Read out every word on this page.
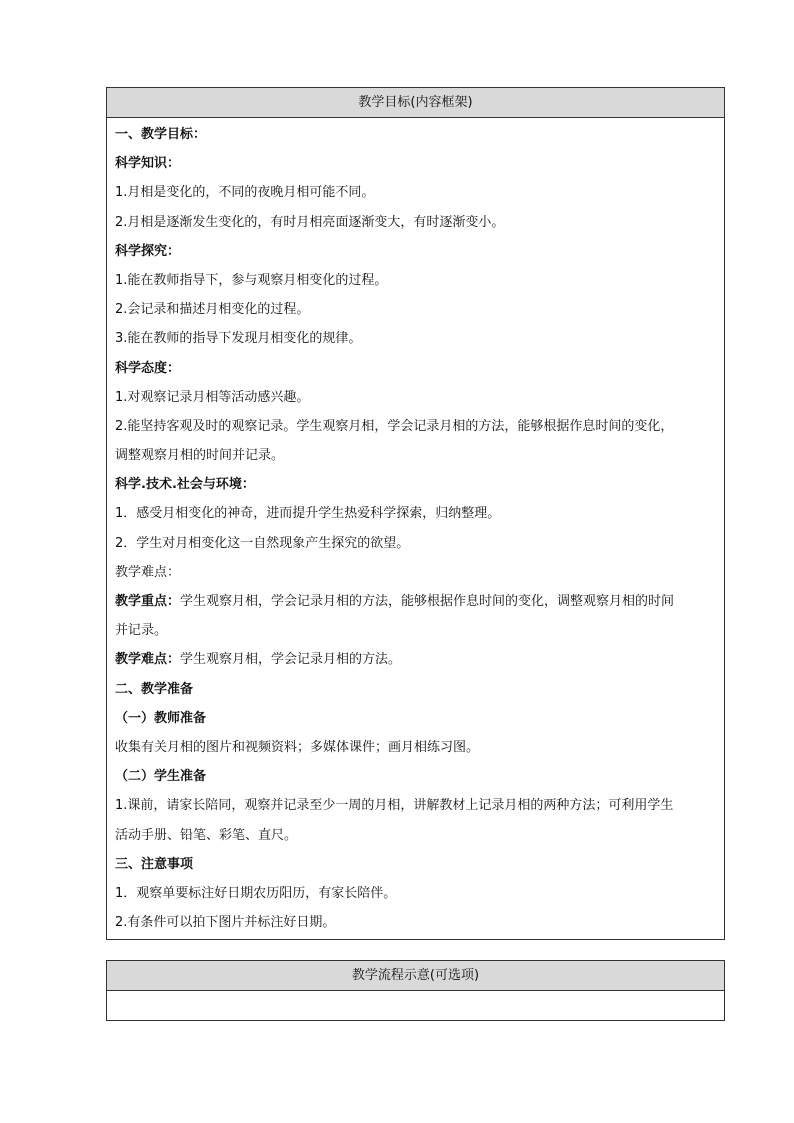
教学目标(内容框架)
一、教学目标：
科学知识：
1.月相是变化的，不同的夜晚月相可能不同。
2.月相是逐渐发生变化的，有时月相亮面逐渐变大，有时逐渐变小。
科学探究：
1.能在教师指导下，参与观察月相变化的过程。
2.会记录和描述月相变化的过程。
3.能在教师的指导下发现月相变化的规律。
科学态度：
1.对观察记录月相等活动感兴趣。
2.能坚持客观及时的观察记录。学生观察月相，学会记录月相的方法，能够根据作息时间的变化，
调整观察月相的时间并记录。
科学.技术.社会与环境：
1．感受月相变化的神奇，进而提升学生热爱科学探索，归纳整理。
2．学生对月相变化这一自然现象产生探究的欲望。
教学难点：
教学重点：学生观察月相，学会记录月相的方法，能够根据作息时间的变化，调整观察月相的时间
并记录。
教学难点：学生观察月相，学会记录月相的方法。
二、教学准备
（一）教师准备
收集有关月相的图片和视频资料；多媒体课件；画月相练习图。
（二）学生准备
1.课前，请家长陪同，观察并记录至少一周的月相，讲解教材上记录月相的两种方法；可利用学生
活动手册、铅笔、彩笔、直尺。
三、注意事项
1．观察单要标注好日期农历阳历，有家长陪伴。
2.有条件可以拍下图片并标注好日期。
教学流程示意(可选项)
